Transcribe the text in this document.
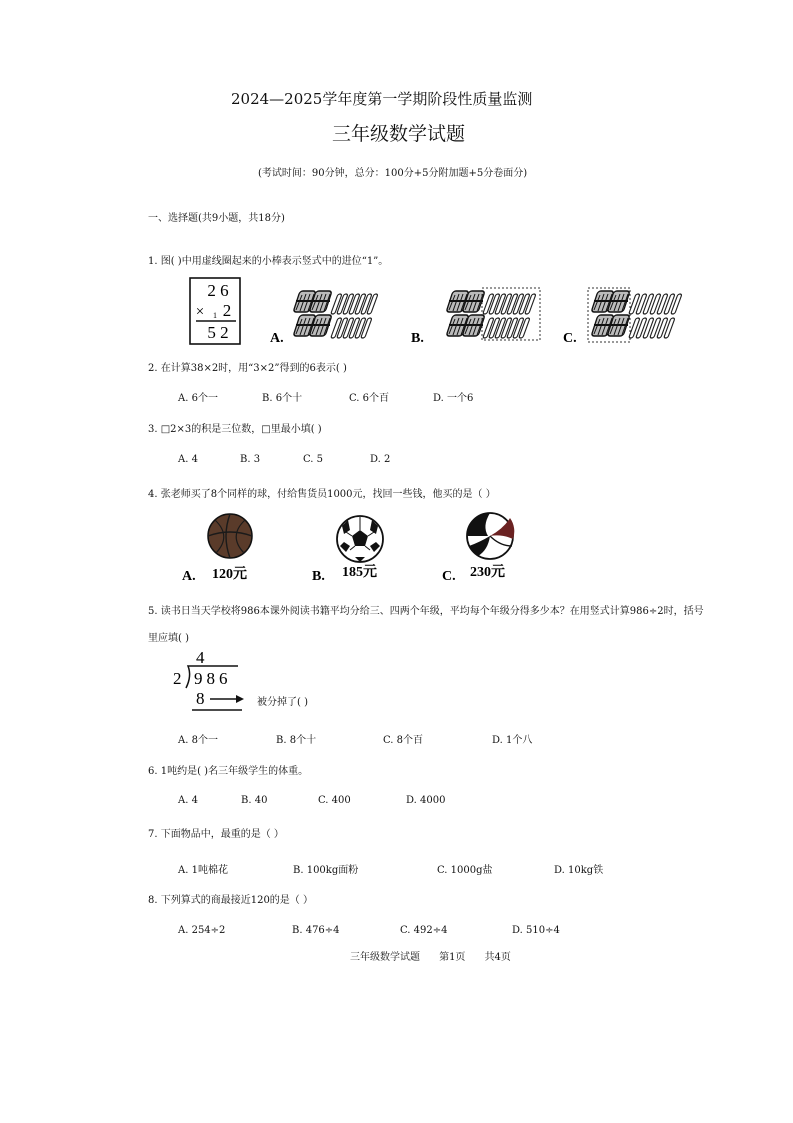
2024—2025学年度第一学期阶段性质量监测
三年级数学试题
(考试时间：90分钟，总分：100分+5分附加题+5分卷面分)
一、选择题(共9小题，共18分)
1. 图( )中用虚线圈起来的小棒表示竖式中的进位“1”。
2 6
× 1 2
5 2	A.	B.	C.
2. 在计算38×2时，用“3×2”得到的6表示( )
A. 6个一	B. 6个十	C. 6个百	D. 一个6
3. □2×3的积是三位数，□里最小填( )
A. 4	B. 3	C. 5	D. 2
4. 张老师买了8个同样的球，付给售货员1000元，找回一些钱，他买的是（ ）
A. 120元	B. 185元	C. 230元
5. 读书日当天学校将986本课外阅读书籍平均分给三、四两个年级，平均每个年级分得多少本？在用竖式计算986÷2时，括号
里应填( )
4
2 986
8	被分掉了( )
A. 8个一	B. 8个十	C. 8个百	D. 1个八
6. 1吨约是( )名三年级学生的体重。
A. 4	B. 40	C. 400	D. 4000
7. 下面物品中，最重的是（ ）
A. 1吨棉花	B. 100kg面粉	C. 1000g盐	D. 10kg铁
8. 下列算式的商最接近120的是（ ）
A. 254÷2	B. 476÷4	C. 492÷4	D. 510÷4
三年级数学试题      第1页      共4页
